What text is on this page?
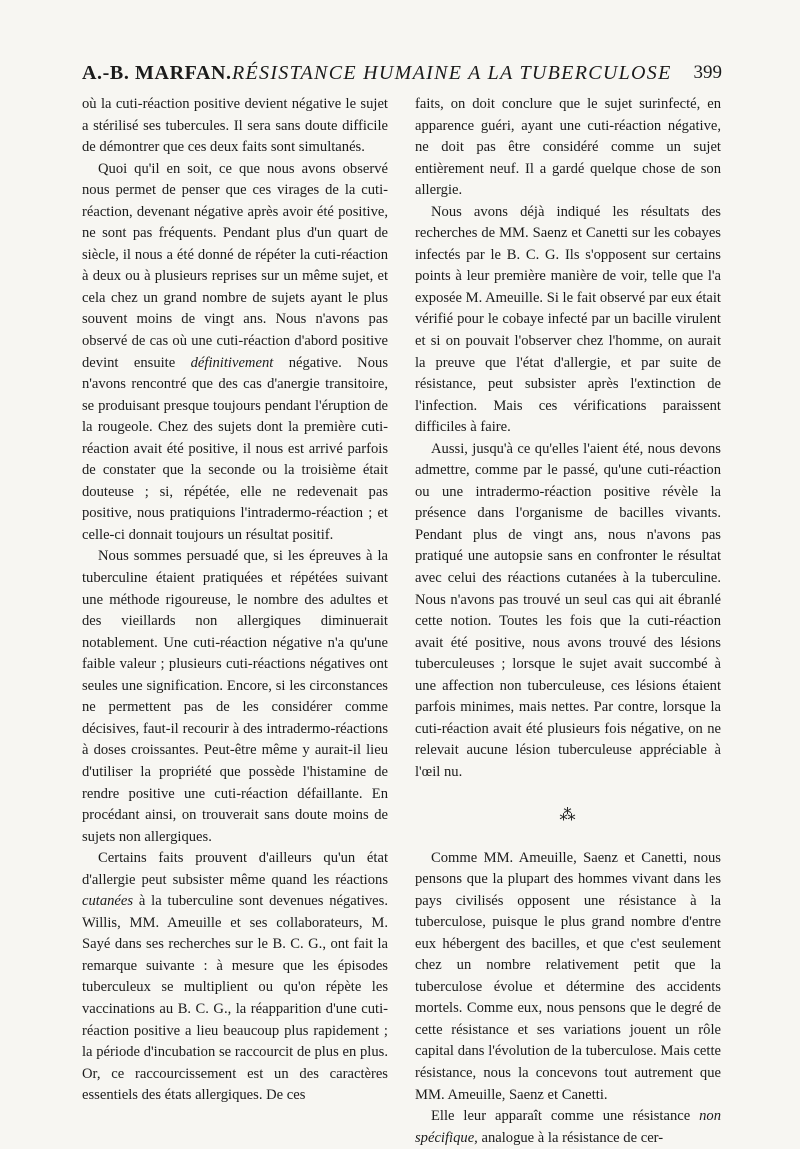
A.-B. MARFAN. RÉSISTANCE HUMAINE A LA TUBERCULOSE 399

où la cuti-réaction positive devient négative le sujet a stérilisé ses tubercules. Il sera sans doute difficile de démontrer que ces deux faits sont simultanés.

Quoi qu'il en soit, ce que nous avons observé nous permet de penser que ces virages de la cuti-réaction, devenant négative après avoir été positive, ne sont pas fréquents. Pendant plus d'un quart de siècle, il nous a été donné de répéter la cuti-réaction à deux ou à plusieurs reprises sur un même sujet, et cela chez un grand nombre de sujets ayant le plus souvent moins de vingt ans. Nous n'avons pas observé de cas où une cuti-réaction d'abord positive devint ensuite définitivement négative. Nous n'avons rencontré que des cas d'anergie transitoire, se produisant presque toujours pendant l'éruption de la rougeole. Chez des sujets dont la première cuti-réaction avait été positive, il nous est arrivé parfois de constater que la seconde ou la troisième était douteuse ; si, répétée, elle ne redevenait pas positive, nous pratiquions l'intradermo-réaction ; et celle-ci donnait toujours un résultat positif.

Nous sommes persuadé que, si les épreuves à la tuberculine étaient pratiquées et répétées suivant une méthode rigoureuse, le nombre des adultes et des vieillards non allergiques diminuerait notablement. Une cuti-réaction négative n'a qu'une faible valeur ; plusieurs cuti-réactions négatives ont seules une signification. Encore, si les circonstances ne permettent pas de les considérer comme décisives, faut-il recourir à des intradermo-réactions à doses croissantes. Peut-être même y aurait-il lieu d'utiliser la propriété que possède l'histamine de rendre positive une cuti-réaction défaillante. En procédant ainsi, on trouverait sans doute moins de sujets non allergiques.

Certains faits prouvent d'ailleurs qu'un état d'allergie peut subsister même quand les réactions cutanées à la tuberculine sont devenues négatives. Willis, MM. Ameuille et ses collaborateurs, M. Sayé dans ses recherches sur le B. C. G., ont fait la remarque suivante : à mesure que les épisodes tuberculeux se multiplient ou qu'on répète les vaccinations au B. C. G., la réapparition d'une cuti-réaction positive a lieu beaucoup plus rapidement ; la période d'incubation se raccourcit de plus en plus. Or, ce raccourcissement est un des caractères essentiels des états allergiques. De ces

faits, on doit conclure que le sujet surinfecté, en apparence guéri, ayant une cuti-réaction négative, ne doit pas être considéré comme un sujet entièrement neuf. Il a gardé quelque chose de son allergie.

Nous avons déjà indiqué les résultats des recherches de MM. Saenz et Canetti sur les cobayes infectés par le B. C. G. Ils s'opposent sur certains points à leur première manière de voir, telle que l'a exposée M. Ameuille. Si le fait observé par eux était vérifié pour le cobaye infecté par un bacille virulent et si on pouvait l'observer chez l'homme, on aurait la preuve que l'état d'allergie, et par suite de résistance, peut subsister après l'extinction de l'infection. Mais ces vérifications paraissent difficiles à faire.

Aussi, jusqu'à ce qu'elles l'aient été, nous devons admettre, comme par le passé, qu'une cuti-réaction ou une intradermo-réaction positive révèle la présence dans l'organisme de bacilles vivants. Pendant plus de vingt ans, nous n'avons pas pratiqué une autopsie sans en confronter le résultat avec celui des réactions cutanées à la tuberculine. Nous n'avons pas trouvé un seul cas qui ait ébranlé cette notion. Toutes les fois que la cuti-réaction avait été positive, nous avons trouvé des lésions tuberculeuses ; lorsque le sujet avait succombé à une affection non tuberculeuse, ces lésions étaient parfois minimes, mais nettes. Par contre, lorsque la cuti-réaction avait été plusieurs fois négative, on ne relevait aucune lésion tuberculeuse appréciable à l'œil nu.

⁂

Comme MM. Ameuille, Saenz et Canetti, nous pensons que la plupart des hommes vivant dans les pays civilisés opposent une résistance à la tuberculose, puisque le plus grand nombre d'entre eux hébergent des bacilles, et que c'est seulement chez un nombre relativement petit que la tuberculose évolue et détermine des accidents mortels. Comme eux, nous pensons que le degré de cette résistance et ses variations jouent un rôle capital dans l'évolution de la tuberculose. Mais cette résistance, nous la concevons tout autrement que MM. Ameuille, Saenz et Canetti.

Elle leur apparaît comme une résistance non spécifique, analogue à la résistance de cer-
